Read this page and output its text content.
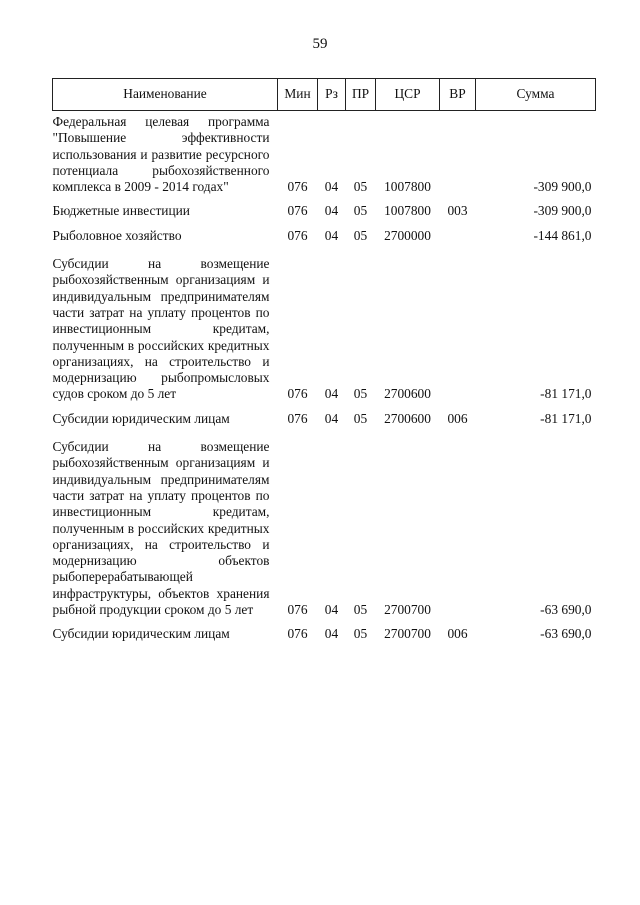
59
Наименование	Мин	Рз	ПР	ЦСР	ВР	Сумма
Федеральная целевая программа "Повышение эффективности использования и развитие ресурсного потенциала рыбохозяйственного комплекса в 2009 - 2014 годах"	076	04	05	1007800		-309 900,0
Бюджетные инвестиции	076	04	05	1007800	003	-309 900,0
Рыболовное хозяйство	076	04	05	2700000		-144 861,0
Субсидии на возмещение рыбохозяйственным организациям и индивидуальным предпринимателям части затрат на уплату процентов по инвестиционным кредитам, полученным в российских кредитных организациях, на строительство и модернизацию рыбопромысловых судов сроком до 5 лет	076	04	05	2700600		-81 171,0
Субсидии юридическим лицам	076	04	05	2700600	006	-81 171,0
Субсидии на возмещение рыбохозяйственным организациям и индивидуальным предпринимателям части затрат на уплату процентов по инвестиционным кредитам, полученным в российских кредитных организациях, на строительство и модернизацию объектов рыбоперерабатывающей инфраструктуры, объектов хранения рыбной продукции сроком до 5 лет	076	04	05	2700700		-63 690,0
Субсидии юридическим лицам	076	04	05	2700700	006	-63 690,0
